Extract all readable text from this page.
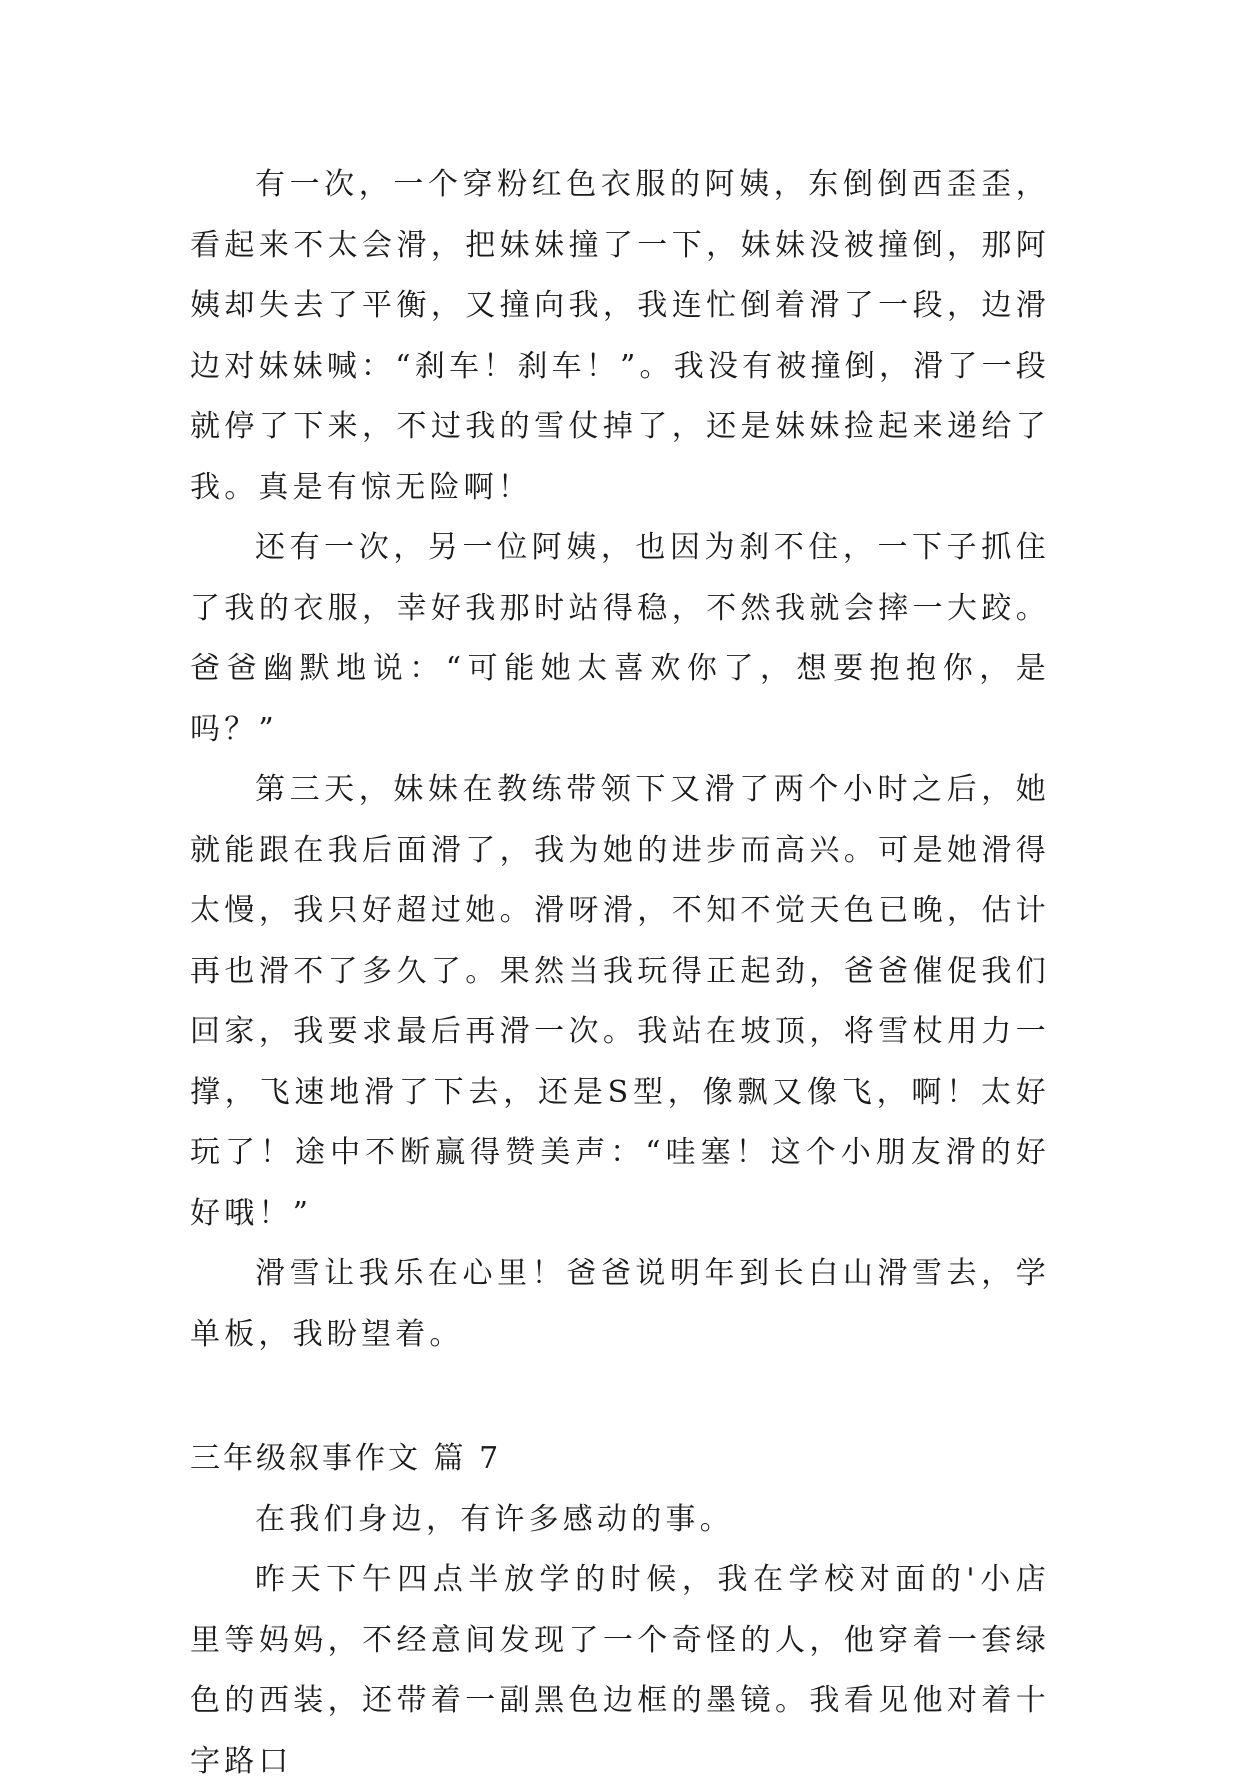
有一次，一个穿粉红色衣服的阿姨，东倒倒西歪歪，看起来不太会滑，把妹妹撞了一下，妹妹没被撞倒，那阿姨却失去了平衡，又撞向我，我连忙倒着滑了一段，边滑边对妹妹喊：“刹车！刹车！”。我没有被撞倒，滑了一段就停了下来，不过我的雪仗掉了，还是妹妹捡起来递给了我。真是有惊无险啊！

还有一次，另一位阿姨，也因为刹不住，一下子抓住了我的衣服，幸好我那时站得稳，不然我就会摔一大跤。爸爸幽默地说：“可能她太喜欢你了，想要抱抱你，是吗？”

第三天，妹妹在教练带领下又滑了两个小时之后，她就能跟在我后面滑了，我为她的进步而高兴。可是她滑得太慢，我只好超过她。滑呀滑，不知不觉天色已晚，估计再也滑不了多久了。果然当我玩得正起劲，爸爸催促我们回家，我要求最后再滑一次。我站在坡顶，将雪杖用力一撑，飞速地滑了下去，还是S型，像飘又像飞，啊！太好玩了！途中不断赢得赞美声：“哇塞！这个小朋友滑的好好哦！”

滑雪让我乐在心里！爸爸说明年到长白山滑雪去，学单板，我盼望着。

三年级叙事作文 篇 7

在我们身边，有许多感动的事。

昨天下午四点半放学的时候，我在学校对面的'小店里等妈妈，不经意间发现了一个奇怪的人，他穿着一套绿色的西装，还带着一副黑色边框的墨镜。我看见他对着十字路口
